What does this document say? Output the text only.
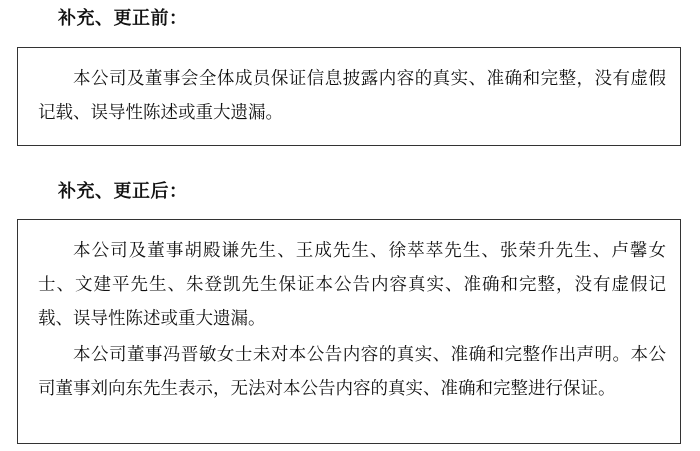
补充、更正前：

本公司及董事会全体成员保证信息披露内容的真实、准确和完整，没有虚假记载、误导性陈述或重大遗漏。

补充、更正后：

本公司及董事胡殿谦先生、王成先生、徐萃萃先生、张荣升先生、卢馨女士、文建平先生、朱登凯先生保证本公告内容真实、准确和完整，没有虚假记载、误导性陈述或重大遗漏。

本公司董事冯晋敏女士未对本公告内容的真实、准确和完整作出声明。本公司董事刘向东先生表示，无法对本公告内容的真实、准确和完整进行保证。
